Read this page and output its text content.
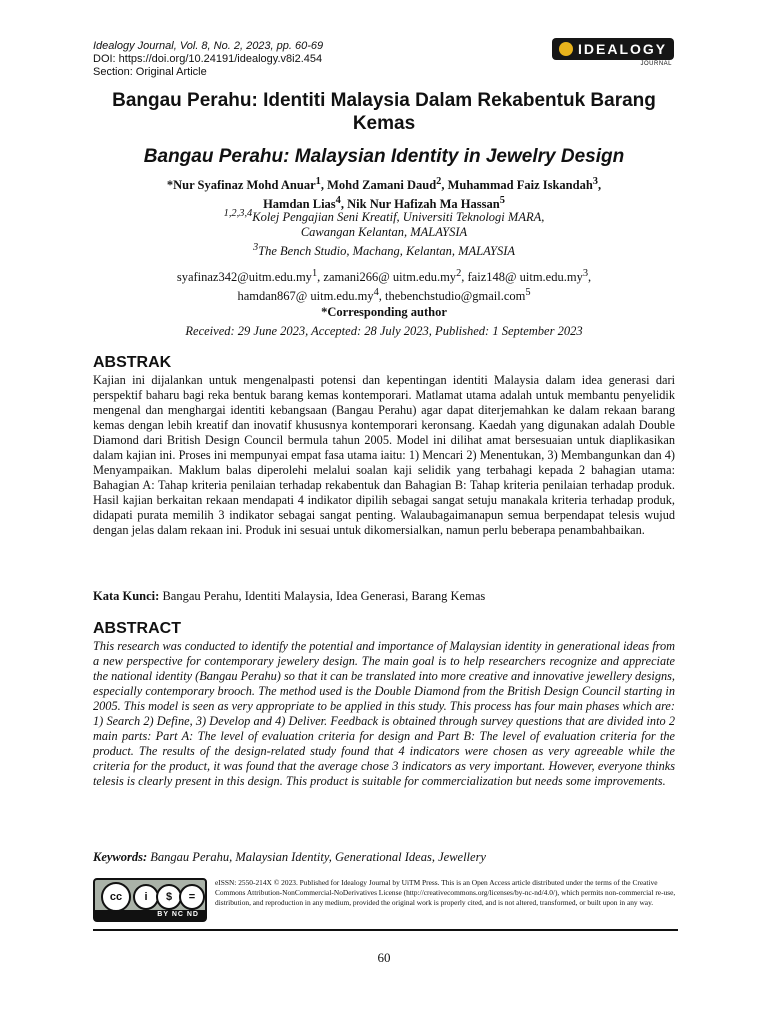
Idealogy Journal, Vol. 8, No. 2, 2023, pp. 60-69
DOI: https://doi.org/10.24191/idealogy.v8i2.454
Section: Original Article
IDEALOGY
JOURNAL
Bangau Perahu: Identiti Malaysia Dalam Rekabentuk Barang Kemas
Bangau Perahu: Malaysian Identity in Jewelry Design
*Nur Syafinaz Mohd Anuar$^1$, Mohd Zamani Daud$^2$, Muhammad Faiz Iskandah$^3$,
Hamdan Lias$^4$, Nik Nur Hafizah Ma Hassan$^5$
$^{1,2,3,4}$Kolej Pengajian Seni Kreatif, Universiti Teknologi MARA,
Cawangan Kelantan, MALAYSIA
$^3$The Bench Studio, Machang, Kelantan, MALAYSIA
$syafinaz342@uitm.edu.my^1$, zamani266@ $uitm.edu.my^2$, faiz148@ $uitm.edu.my^3$,
hamdan867@ $uitm.edu.my^4$, thebenchstudio@gmail.com$^5$
*Corresponding author
Received: 29 June 2023, Accepted: 28 July 2023, Published: 1 September 2023
ABSTRAK
Kajian ini dijalankan untuk mengenalpasti potensi dan kepentingan identiti Malaysia dalam idea generasi dari perspektif baharu bagi reka bentuk barang kemas kontemporari. Matlamat utama adalah untuk membantu penyelidik mengenal dan menghargai identiti kebangsaan (Bangau Perahu) agar dapat diterjemahkan ke dalam rekaan barang kemas dengan lebih kreatif dan inovatif khususnya kontemporari keronsang. Kaedah yang digunakan adalah Double Diamond dari British Design Council bermula tahun 2005. Model ini dilihat amat bersesuaian untuk diaplikasikan dalam kajian ini. Proses ini mempunyai empat fasa utama iaitu: 1) Mencari 2) Menentukan, 3) Membangunkan dan 4) Menyampaikan. Maklum balas diperolehi melalui soalan kaji selidik yang terbahagi kepada 2 bahagian utama: Bahagian A: Tahap kriteria penilaian terhadap rekabentuk dan Bahagian B: Tahap kriteria penilaian terhadap produk. Hasil kajian berkaitan rekaan mendapati 4 indikator dipilih sebagai sangat setuju manakala kriteria terhadap produk, didapati purata memilih 3 indikator sebagai sangat penting. Walaubagaimanapun semua berpendapat telesis wujud dengan jelas dalam rekaan ini. Produk ini sesuai untuk dikomersialkan, namun perlu beberapa penambahbaikan.
Kata Kunci: Bangau Perahu, Identiti Malaysia, Idea Generasi, Barang Kemas
ABSTRACT
This research was conducted to identify the potential and importance of Malaysian identity in generational ideas from a new perspective for contemporary jewelery design. The main goal is to help researchers recognize and appreciate the national identity (Bangau Perahu) so that it can be translated into more creative and innovative jewellery designs, especially contemporary brooch. The method used is the Double Diamond from the British Design Council starting in 2005. This model is seen as very appropriate to be applied in this study. This process has four main phases which are: 1) Search 2) Define, 3) Develop and 4) Deliver. Feedback is obtained through survey questions that are divided into 2 main parts: Part A: The level of evaluation criteria for design and Part B: The level of evaluation criteria for the product. The results of the design-related study found that 4 indicators were chosen as very agreeable while the criteria for the product, it was found that the average chose 3 indicators as very important. However, everyone thinks telesis is clearly present in this design. This product is suitable for commercialization but needs some improvements.
Keywords: Bangau Perahu, Malaysian Identity, Generational Ideas, Jewellery
cc	i	$	=
BY NC ND
eISSN: 2550-214X © 2023. Published for Idealogy Journal by UiTM Press. This is an Open Access article distributed under the terms of the Creative Commons Attribution-NonCommercial-NoDerivatives License (http://creativecommons.org/licenses/by-nc-nd/4.0/), which permits non-commercial re-use, distribution, and reproduction in any medium, provided the original work is properly cited, and is not altered, transformed, or built upon in any way.
60
